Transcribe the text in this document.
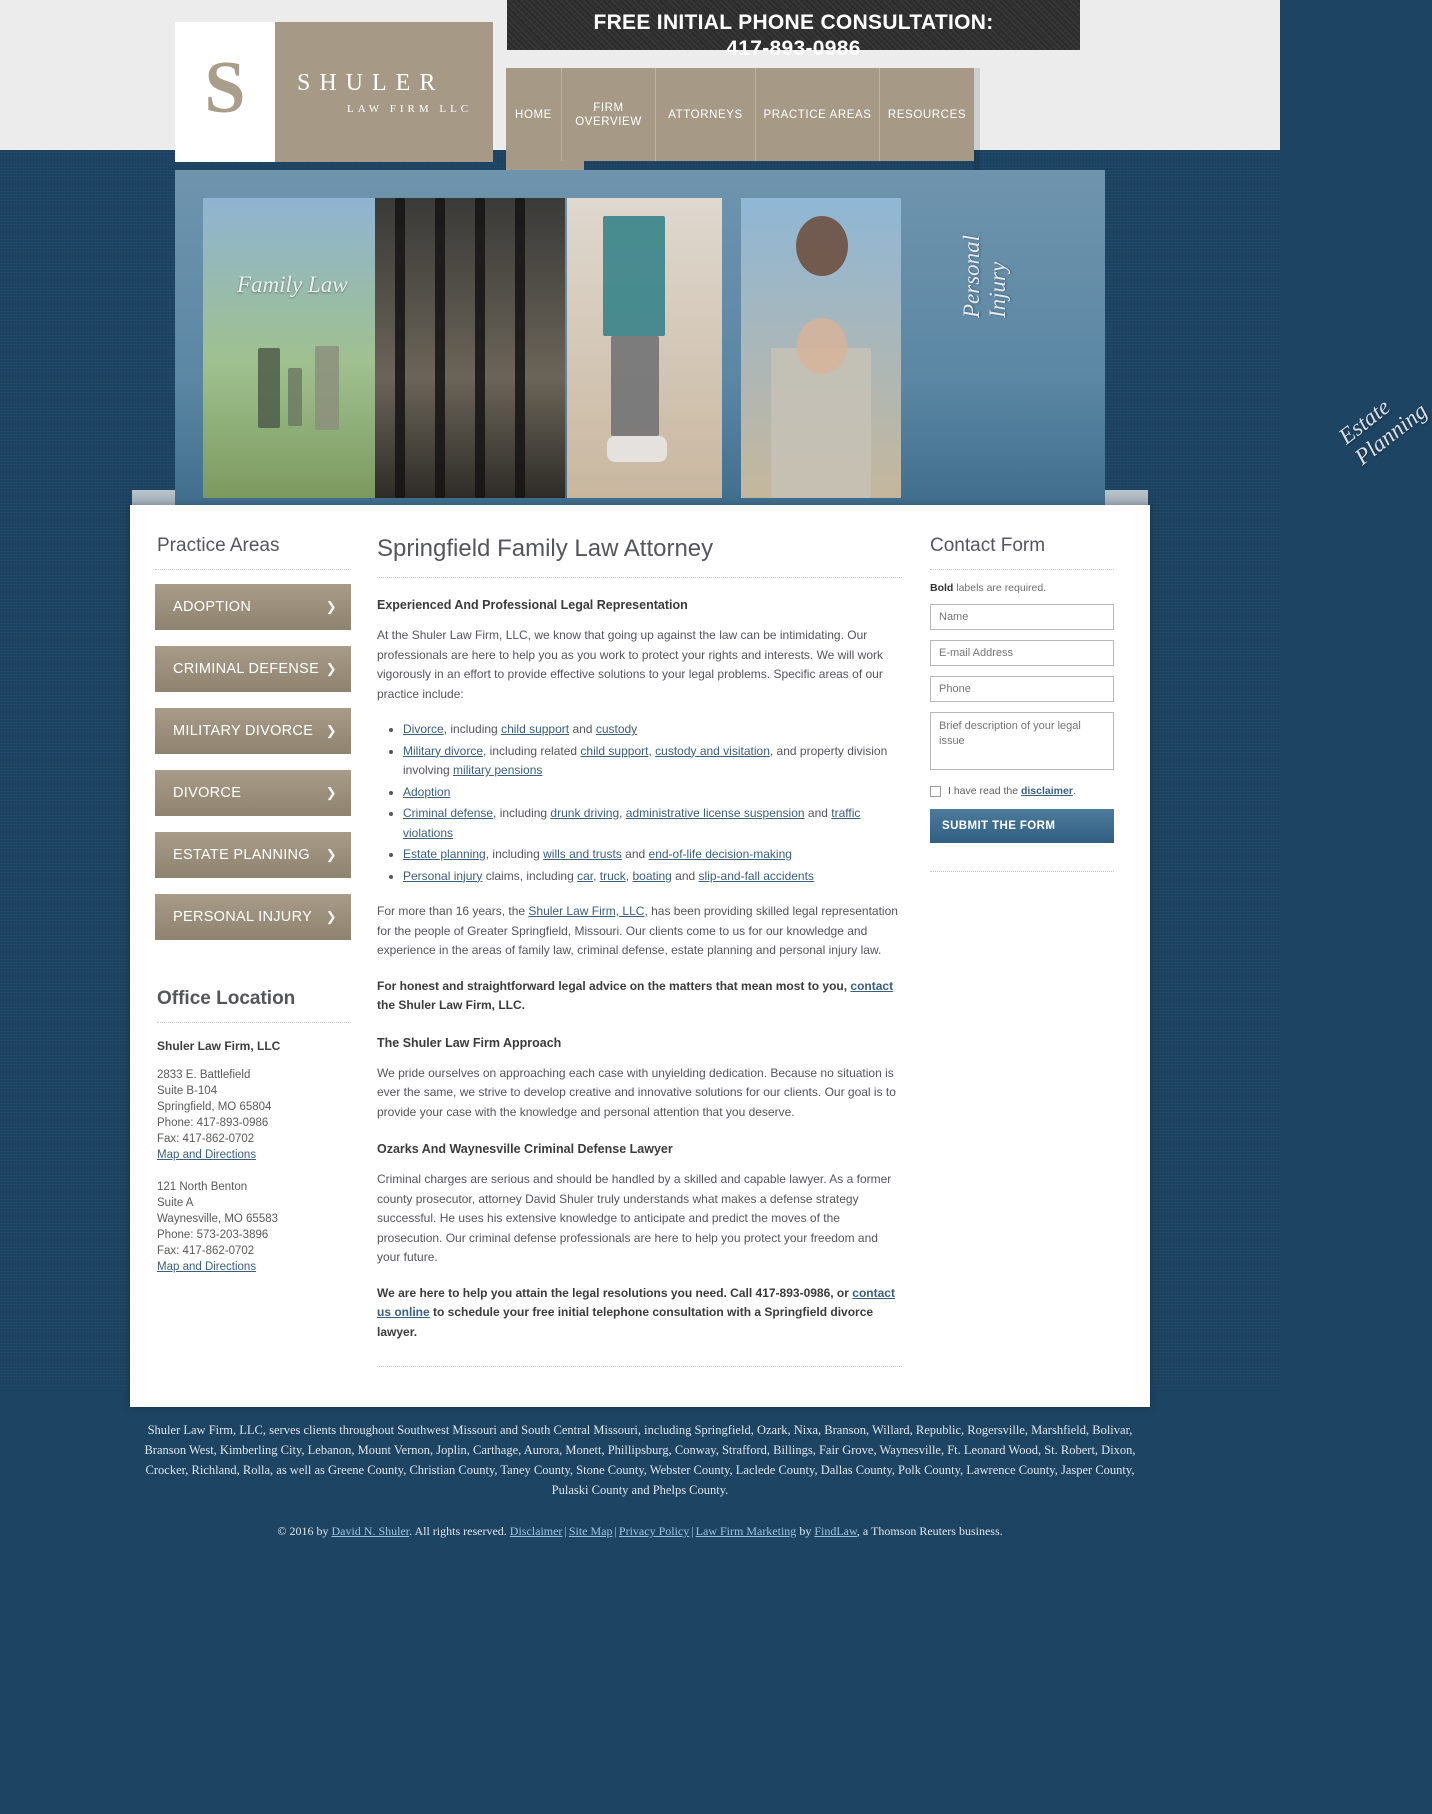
FREE INITIAL PHONE CONSULTATION:
417-893-0986
S SHULER
LAW FIRM LLC	HOME
FIRM OVERVIEW
ATTORNEYS	PRACTICE AREAS	RESOURCES
Family Law	Personal Injury
Estate Planning
Practice Areas
ADOPTION	❯
CRIMINAL DEFENSE ❯
MILITARY DIVORCE ❯
DIVORCE	❯
ESTATE PLANNING ❯
PERSONAL INJURY ❯
Office Location
Shuler Law Firm, LLC
2833 E. Battlefield
Suite B-104
Springfield, MO 65804
Phone: 417-893-0986
Fax: 417-862-0702
Map and Directions
121 North Benton
Suite A
Waynesville, MO 65583
Phone: 573-203-3896
Fax: 417-862-0702
Map and Directions
Springfield Family Law Attorney
Experienced And Professional Legal Representation

At the Shuler Law Firm, LLC, we know that going up against the law can be intimidating. Our professionals are here to help you as you work to protect your rights and interests. We will work vigorously in an effort to provide effective solutions to your legal problems. Specific areas of our practice include:

• Divorce, including child support and custody
• Military divorce, including related child support, custody and visitation, and property division involving military pensions
• Adoption
• Criminal defense, including drunk driving, administrative license suspension and traffic violations
• Estate planning, including wills and trusts and end-of-life decision-making
• Personal injury claims, including car, truck, boating and slip-and-fall accidents

For more than 16 years, the Shuler Law Firm, LLC, has been providing skilled legal representation for the people of Greater Springfield, Missouri. Our clients come to us for our knowledge and experience in the areas of family law, criminal defense, estate planning and personal injury law.

For honest and straightforward legal advice on the matters that mean most to you, contact the Shuler Law Firm, LLC.

The Shuler Law Firm Approach

We pride ourselves on approaching each case with unyielding dedication. Because no situation is ever the same, we strive to develop creative and innovative solutions for our clients. Our goal is to provide your case with the knowledge and personal attention that you deserve.

Ozarks And Waynesville Criminal Defense Lawyer

Criminal charges are serious and should be handled by a skilled and capable lawyer. As a former county prosecutor, attorney David Shuler truly understands what makes a defense strategy successful. He uses his extensive knowledge to anticipate and predict the moves of the prosecution. Our criminal defense professionals are here to help you protect your freedom and your future.

We are here to help you attain the legal resolutions you need. Call 417-893-0986, or contact us online to schedule your free initial telephone consultation with a Springfield divorce lawyer.

Contact Form
Bold labels are required.
Name E-mail Address Phone Brief description of your legal issue
I have read the disclaimer.
SUBMIT THE FORM
Shuler Law Firm, LLC, serves clients throughout Southwest Missouri and South Central Missouri, including Springfield, Ozark, Nixa, Branson, Willard, Republic, Rogersville, Marshfield, Bolivar, Branson West, Kimberling City, Lebanon, Mount Vernon, Joplin, Carthage, Aurora, Monett, Phillipsburg, Conway, Strafford, Billings, Fair Grove, Waynesville, Ft. Leonard Wood, St. Robert, Dixon, Crocker, Richland, Rolla, as well as Greene County, Christian County, Taney County, Stone County, Webster County, Laclede County, Dallas County, Polk County, Lawrence County, Jasper County, Pulaski County and Phelps County.
© 2016 by David N. Shuler. All rights reserved. Disclaimer | Site Map | Privacy Policy | Law Firm Marketing by FindLaw, a Thomson Reuters business.
